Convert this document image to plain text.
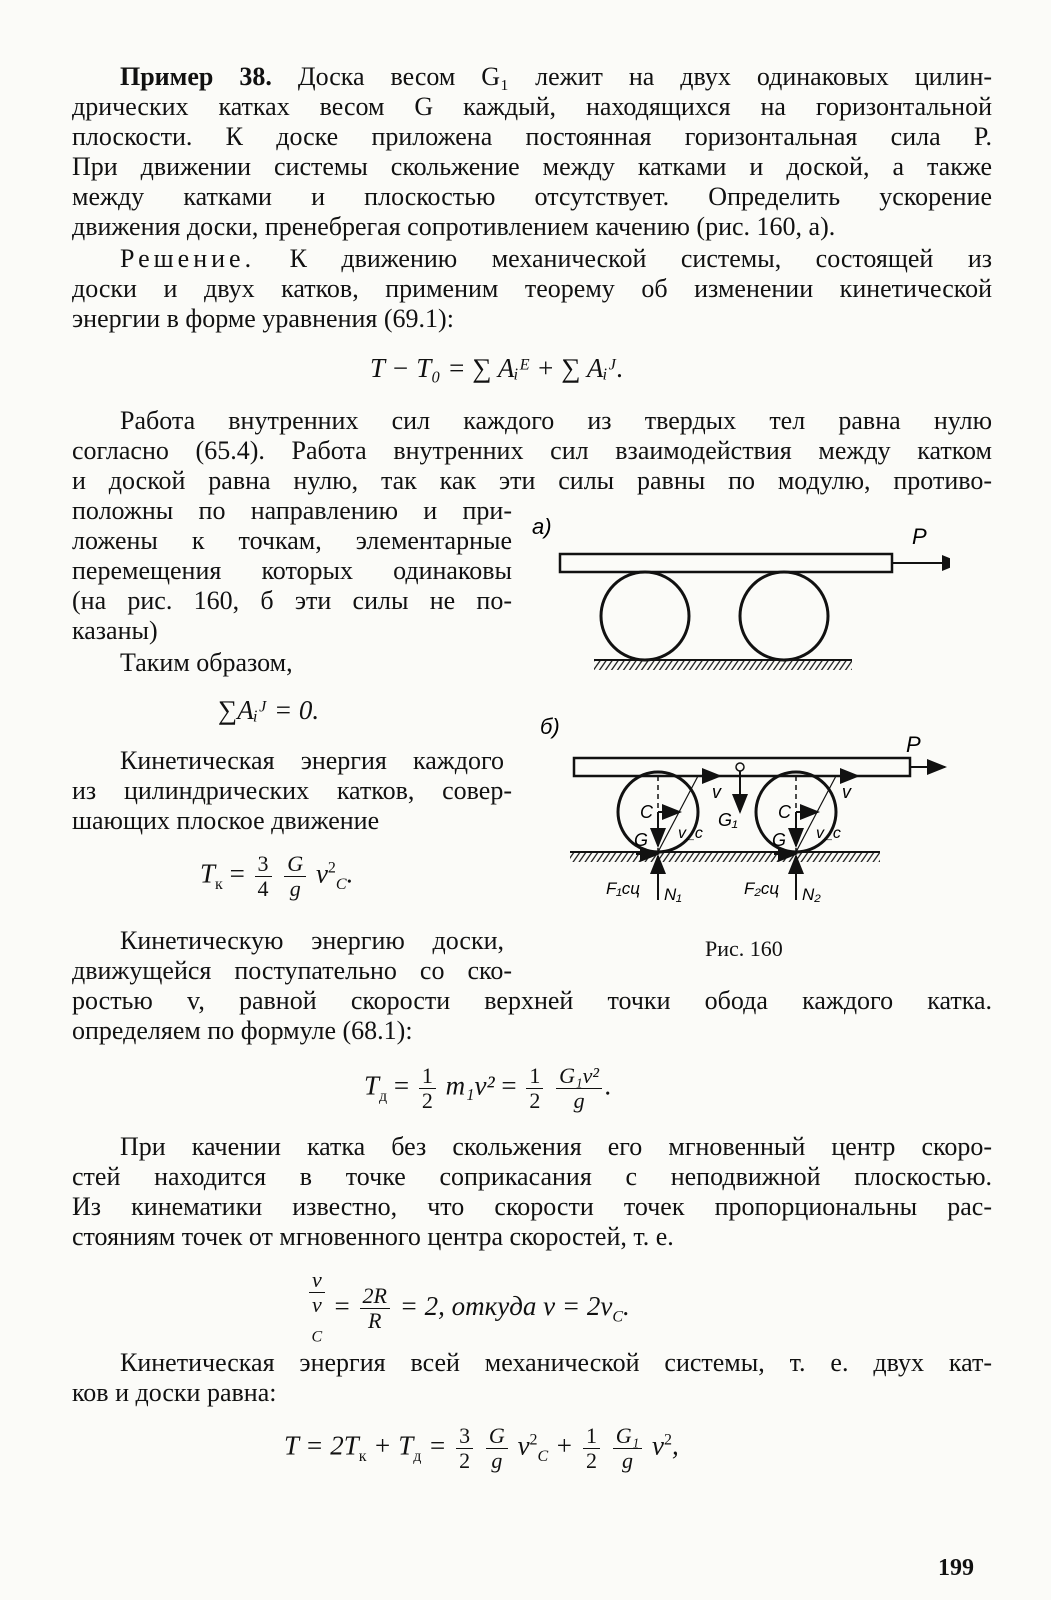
Пример 38. Доска весом G₁ лежит на двух одинаковых цилин-
дрических катках весом G каждый, находящихся на горизонтальной
плоскости. К доске приложена постоянная горизонтальная сила P.
При движении системы скольжение между катками и доской, а также
между катками и плоскостью отсутствует. Определить ускорение
движения доски, пренебрегая сопротивлением качению (рис. 160, a).
Решение. К движению механической системы, состоящей из
доски и двух катков, применим теорему об изменении кинетической
энергии в форме уравнения (69.1):
T − T₀ = ∑ Aᵢᴱ + ∑ Aᵢᴶ.
Работа внутренних сил каждого из твердых тел равна нулю
согласно (65.4). Работа внутренних сил взаимодействия между катком
и доской равна нулю, так как эти силы равны по модулю, противо-
положны по направлению и при-
ложены к точкам, элементарные
перемещения которых одинаковы
(на рис. 160, б эти силы не по-
казаны)
Таким образом,
∑Aᵢᴶ = 0.
Кинетическая энергия каждого
из цилиндрических катков, совер-
шающих плоское движение
$T_к = \frac{3}{4}$
$\frac{G}{g} v^2_C$.
Кинетическую энергию доски,
движущейся поступательно со ско-
ростью v, равной скорости верхней точки обода каждого катка.
определяем по формуле (68.1):
$T_д = \frac{1}{2} m_1v^2 = \frac{1}{2}$
$\frac{\text{G₁v²}}{g}$ .
При качении катка без скольжения его мгновенный центр скоро-
стей находится в точке соприкасания с неподвижной плоскостью.
Из кинематики известно, что скорости точек пропорциональны рас-
стояниям точек от мгновенного центра скоростей, т. е.
v
v
$_C = \frac{2R}{R} = 2$, откуда $v = 2v_C$.
Кинетическая энергия всей механической системы, т. е. двух кат-
ков и доски равна:
$T = 2T_к + T_д = \frac{3}{2}$
$\frac{G}{g} v^2_C + \frac{1}{2}$
$\frac{\text{G₁}}{g} v^2$,
а)	P
б)
P
C
G
C
G
v_c	v_c
v	v
G₁
F₁сц N₁	F₂сц N₂
Рис. 160
199
